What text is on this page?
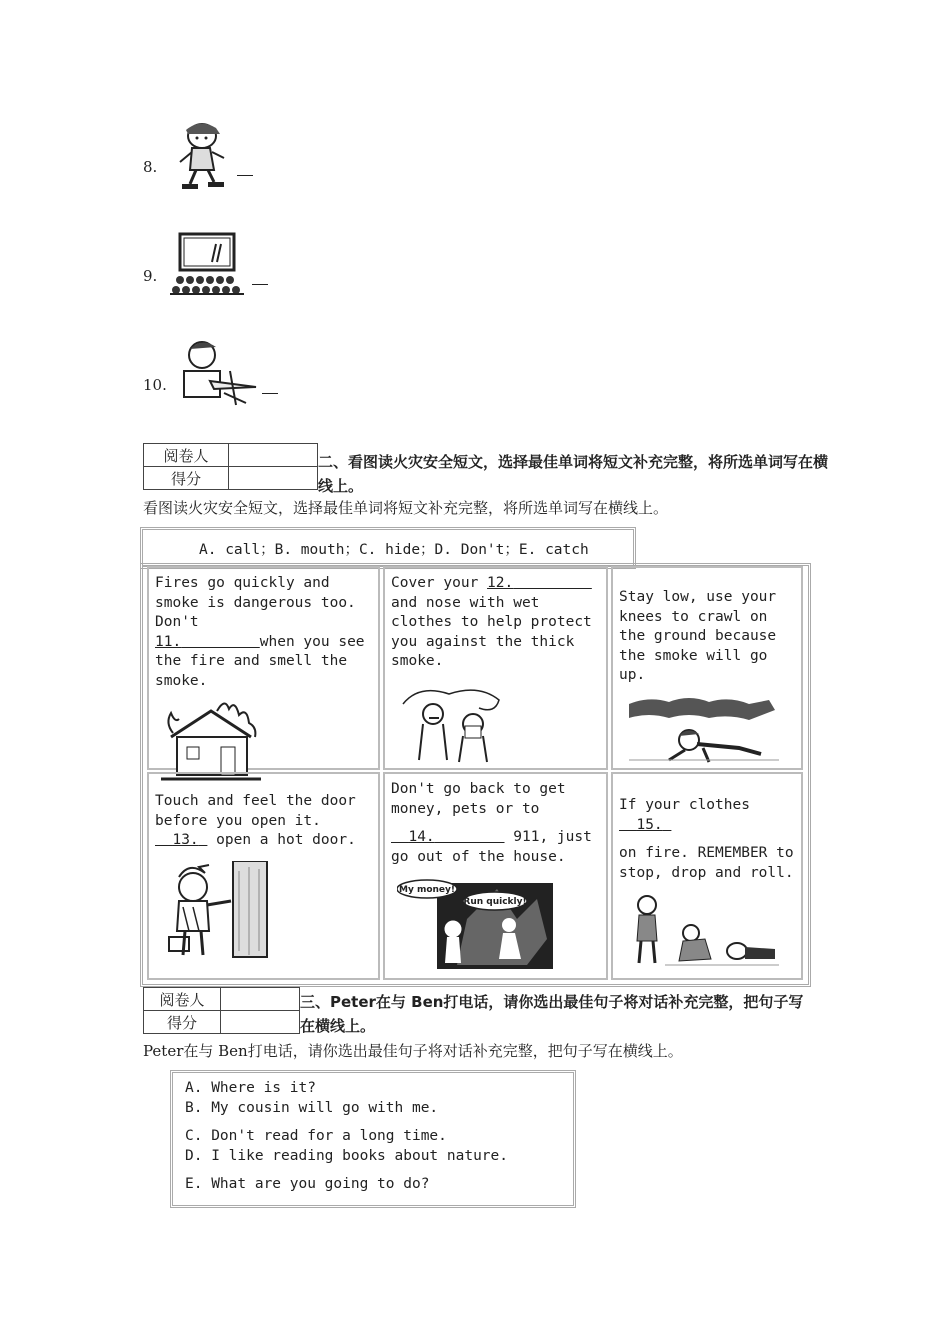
8.
9.
10.
阅卷人	
得分	
二、看图读火灾安全短文，选择最佳单词将短文补充完整，将所选单词写在横线上。
看图读火灾安全短文，选择最佳单词将短文补充完整，将所选单词写在横线上。
A. call；B. mouth；C. hide；D. Don't；E. catch

Fires go quickly and smoke is dangerous too. Don't
11.	when you see the fire and smell the smoke.

Cover your 12.          and nose with wet clothes to help protect you against the thick smoke.

Stay low, use your knees to crawl on the ground because the smoke will go up.

Touch and feel the door before you open it.   13. open a hot door.

Don't go back to get money, pets or to

14.	911, just go out of the house.

My money!
Run quickly!

If your clothes   15.

on fire. REMEMBER to stop, drop and roll.

阅卷人	
得分	
三、Peter在与 Ben打电话，请你选出最佳句子将对话补充完整，把句子写在横线上。
Peter在与 Ben打电话，请你选出最佳句子将对话补充完整，把句子写在横线上。
A. Where is it?
B. My cousin will go with me.
C. Don't read for a long time.
D. I like reading books about nature.
E. What are you going to do?
